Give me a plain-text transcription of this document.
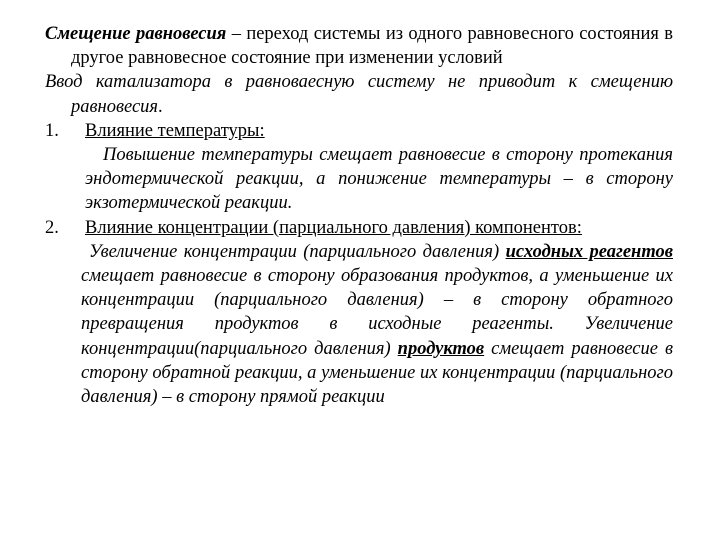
Смещение равновесия – переход системы из одного равновесного состояния в другое равновесное состояние при изменении условий

Ввод катализатора в равноваесную систему не приводит к смещению равновесия.

1.	Влияние температуры:

Повышение температуры смещает равновесие в сторону протекания эндотермической реакции, а понижение температуры – в сторону экзотермической реакции.

2.	Влияние концентрации (парциального давления) компонентов:

Увеличение концентрации (парциального давления) исходных реагентов смещает равновесие в сторону образования продуктов, а уменьшение их концентрации (парциального давления) – в сторону обратного превращения продуктов в исходные реагенты. Увеличение концентрации(парциального давления) продуктов смещает равновесие в сторону обратной реакции, а уменьшение их концентрации (парциального давления) – в сторону прямой реакции
